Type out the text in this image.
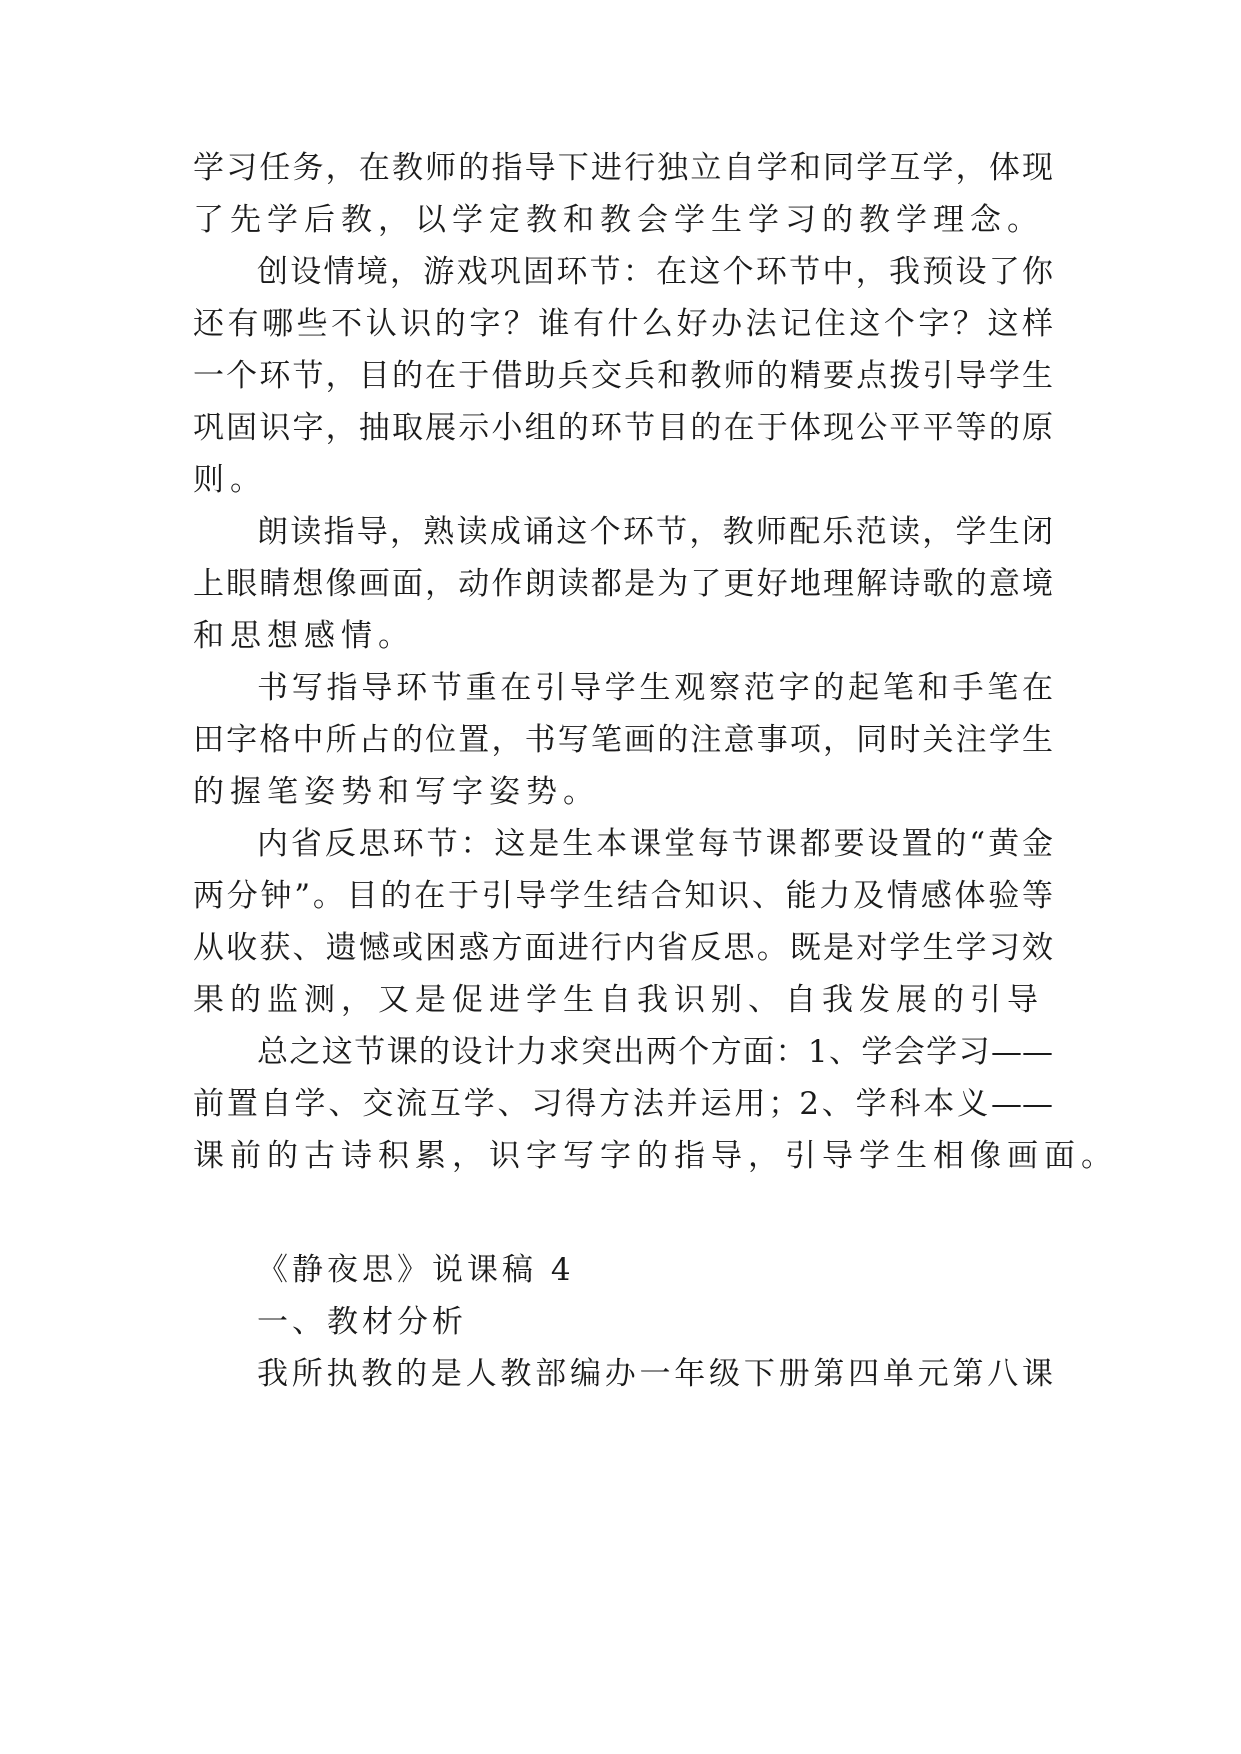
学习任务，在教师的指导下进行独立自学和同学互学，体现
了先学后教，以学定教和教会学生学习的教学理念。
创设情境，游戏巩固环节：在这个环节中，我预设了你
还有哪些不认识的字？谁有什么好办法记住这个字？这样
一个环节，目的在于借助兵交兵和教师的精要点拨引导学生
巩固识字，抽取展示小组的环节目的在于体现公平平等的原
则。
朗读指导，熟读成诵这个环节，教师配乐范读，学生闭
上眼睛想像画面，动作朗读都是为了更好地理解诗歌的意境
和思想感情。
书写指导环节重在引导学生观察范字的起笔和手笔在
田字格中所占的位置，书写笔画的注意事项，同时关注学生
的握笔姿势和写字姿势。
内省反思环节：这是生本课堂每节课都要设置的“黄金
两分钟”。目的在于引导学生结合知识、能力及情感体验等
从收获、遗憾或困惑方面进行内省反思。既是对学生学习效
果的监测，又是促进学生自我识别、自我发展的引导
总之这节课的设计力求突出两个方面：1、学会学习——
前置自学、交流互学、习得方法并运用；2、学科本义——
课前的古诗积累，识字写字的指导，引导学生相像画面。
《静夜思》说课稿 4
一、教材分析
我所执教的是人教部编办一年级下册第四单元第八课
